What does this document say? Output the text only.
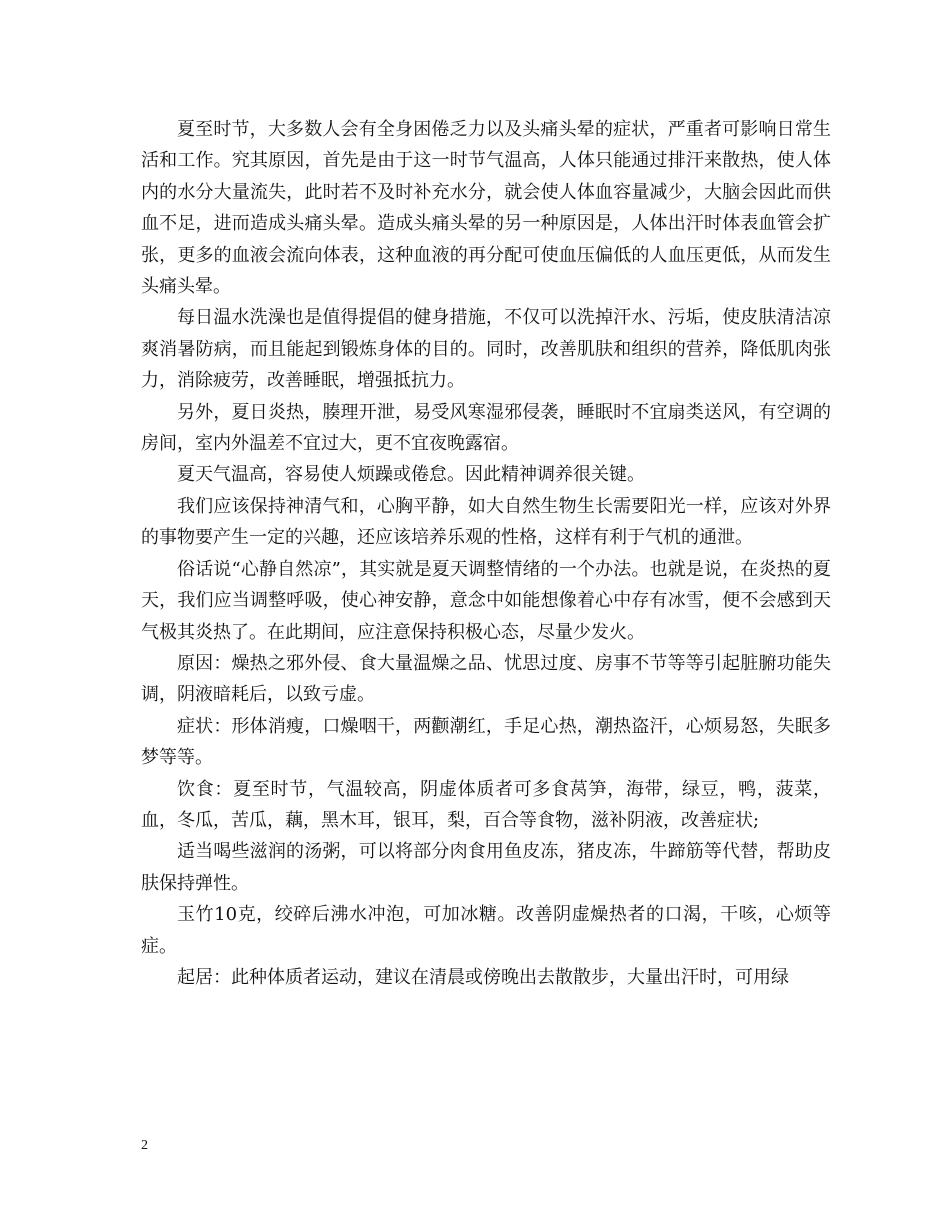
夏至时节，大多数人会有全身困倦乏力以及头痛头晕的症状，严重者可影响日常生活和工作。究其原因，首先是由于这一时节气温高，人体只能通过排汗来散热，使人体内的水分大量流失，此时若不及时补充水分，就会使人体血容量减少，大脑会因此而供血不足，进而造成头痛头晕。造成头痛头晕的另一种原因是，人体出汗时体表血管会扩张，更多的血液会流向体表，这种血液的再分配可使血压偏低的人血压更低，从而发生头痛头晕。

每日温水洗澡也是值得提倡的健身措施，不仅可以洗掉汗水、污垢，使皮肤清洁凉爽消暑防病，而且能起到锻炼身体的目的。同时，改善肌肤和组织的营养，降低肌肉张力，消除疲劳，改善睡眠，增强抵抗力。

另外，夏日炎热，腠理开泄，易受风寒湿邪侵袭，睡眠时不宜扇类送风，有空调的房间，室内外温差不宜过大，更不宜夜晚露宿。

夏天气温高，容易使人烦躁或倦怠。因此精神调养很关键。

我们应该保持神清气和，心胸平静，如大自然生物生长需要阳光一样，应该对外界的事物要产生一定的兴趣，还应该培养乐观的性格，这样有利于气机的通泄。

俗话说“心静自然凉”，其实就是夏天调整情绪的一个办法。也就是说，在炎热的夏天，我们应当调整呼吸，使心神安静，意念中如能想像着心中存有冰雪，便不会感到天气极其炎热了。在此期间，应注意保持积极心态，尽量少发火。

原因：燥热之邪外侵、食大量温燥之品、忧思过度、房事不节等等引起脏腑功能失调，阴液暗耗后，以致亏虚。

症状：形体消瘦，口燥咽干，两颧潮红，手足心热，潮热盗汗，心烦易怒，失眠多梦等等。

饮食：夏至时节，气温较高，阴虚体质者可多食莴笋，海带，绿豆，鸭，菠菜，血，冬瓜，苦瓜，藕，黑木耳，银耳，梨，百合等食物，滋补阴液，改善症状;

适当喝些滋润的汤粥，可以将部分肉食用鱼皮冻，猪皮冻，牛蹄筋等代替，帮助皮肤保持弹性。

玉竹10克，绞碎后沸水冲泡，可加冰糖。改善阴虚燥热者的口渴，干咳，心烦等症。

起居：此种体质者运动，建议在清晨或傍晚出去散散步，大量出汗时，可用绿

2
